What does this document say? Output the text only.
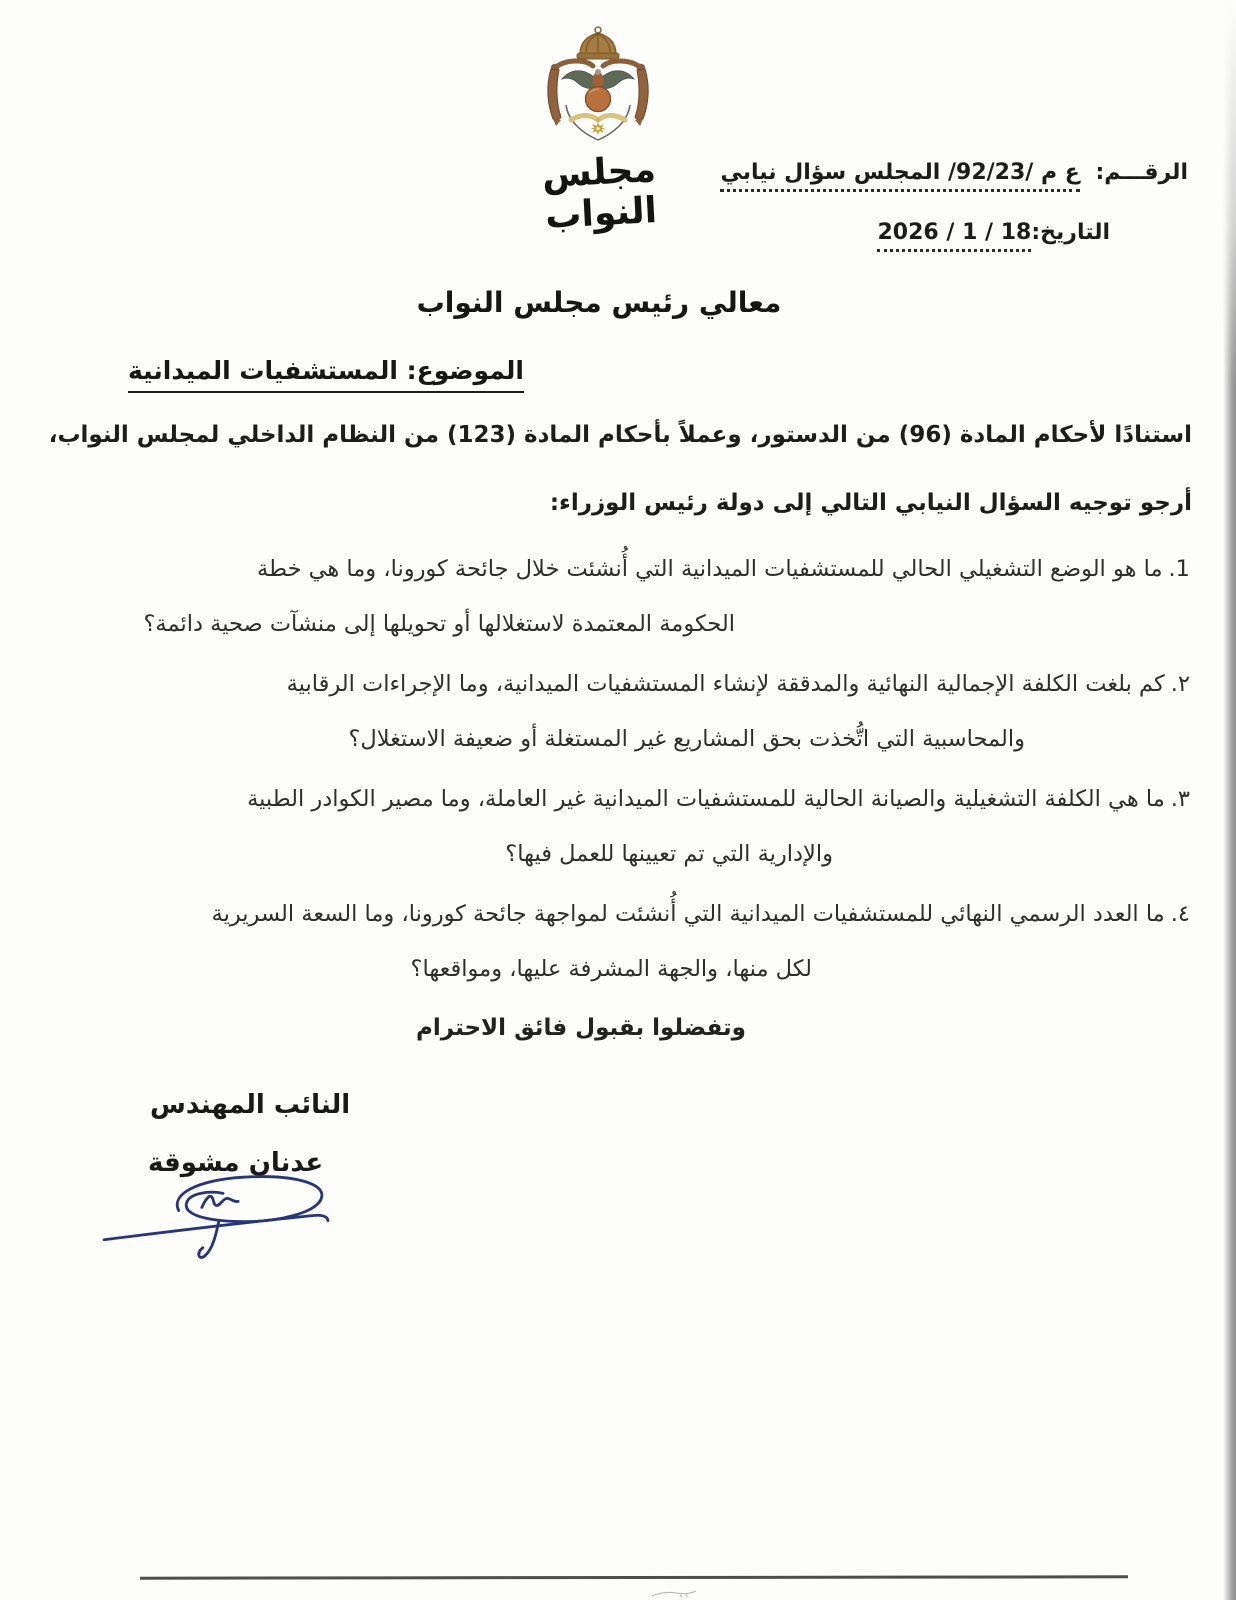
مجلس النواب
الرقـــم: ع م /92/23/ المجلس سؤال نيابي
التاريخ:18 / 1 / 2026
معالي رئيس مجلس النواب
الموضوع: المستشفيات الميدانية
استنادًا لأحكام المادة (96) من الدستور، وعملاً بأحكام المادة (123) من النظام الداخلي لمجلس النواب،
أرجو توجيه السؤال النيابي التالي إلى دولة رئيس الوزراء:
1.ما هو الوضع التشغيلي الحالي للمستشفيات الميدانية التي أُنشئت خلال جائحة كورونا، وما هي خطة
الحكومة المعتمدة لاستغلالها أو تحويلها إلى منشآت صحية دائمة؟
٢.كم بلغت الكلفة الإجمالية النهائية والمدققة لإنشاء المستشفيات الميدانية، وما الإجراءات الرقابية
والمحاسبية التي اتُّخذت بحق المشاريع غير المستغلة أو ضعيفة الاستغلال؟
٣.ما هي الكلفة التشغيلية والصيانة الحالية للمستشفيات الميدانية غير العاملة، وما مصير الكوادر الطبية
والإدارية التي تم تعيينها للعمل فيها؟
٤.ما العدد الرسمي النهائي للمستشفيات الميدانية التي أُنشئت لمواجهة جائحة كورونا، وما السعة السريرية
لكل منها، والجهة المشرفة عليها، ومواقعها؟
وتفضلوا بقبول فائق الاحترام
النائب المهندس
عدنان مشوقة
